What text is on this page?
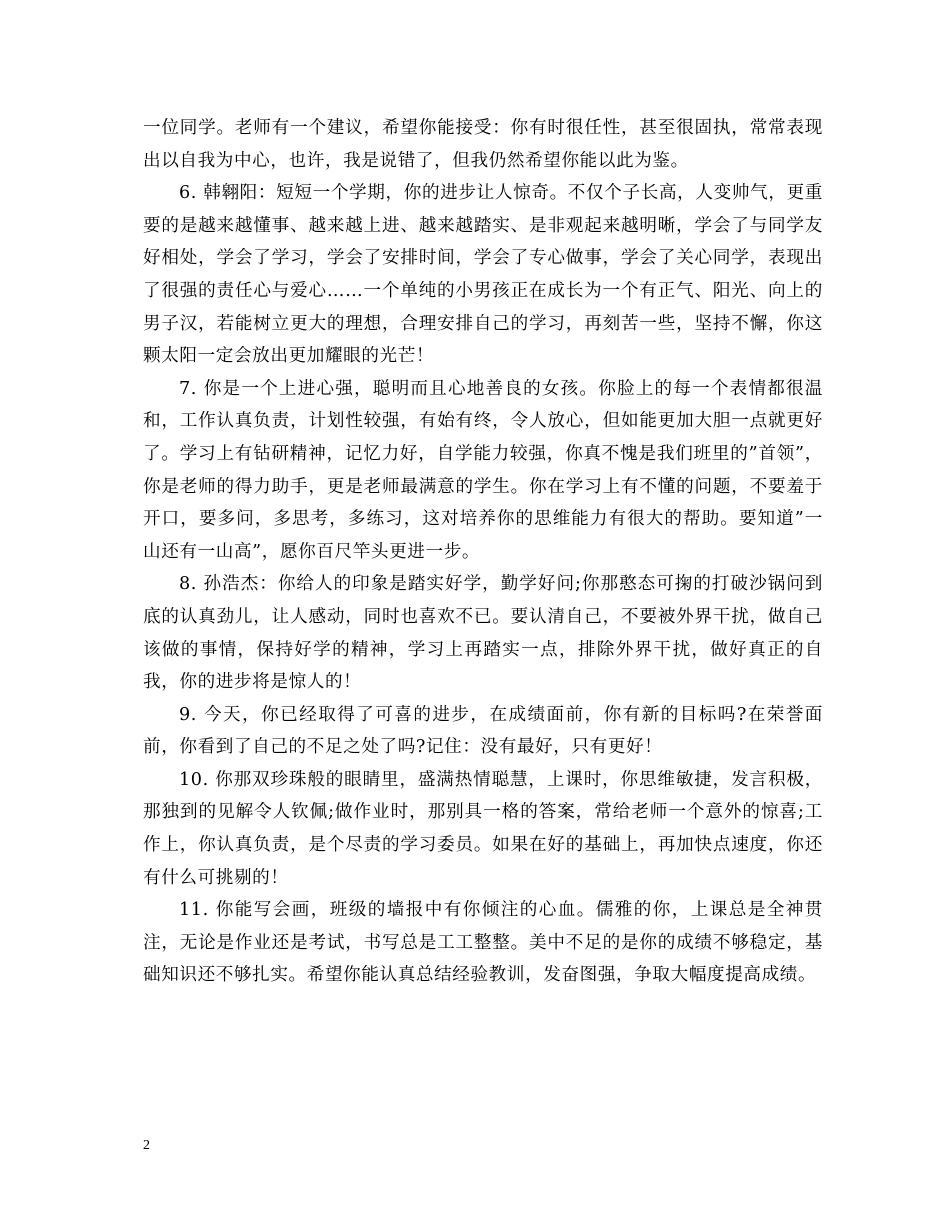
一位同学。老师有一个建议，希望你能接受：你有时很任性，甚至很固执，常常表现出以自我为中心，也许，我是说错了，但我仍然希望你能以此为鉴。

6. 韩翱阳：短短一个学期，你的进步让人惊奇。不仅个子长高，人变帅气，更重要的是越来越懂事、越来越上进、越来越踏实、是非观起来越明晰，学会了与同学友好相处，学会了学习，学会了安排时间，学会了专心做事，学会了关心同学，表现出了很强的责任心与爱心……一个单纯的小男孩正在成长为一个有正气、阳光、向上的男子汉，若能树立更大的理想，合理安排自己的学习，再刻苦一些，坚持不懈，你这颗太阳一定会放出更加耀眼的光芒！

7. 你是一个上进心强，聪明而且心地善良的女孩。你脸上的每一个表情都很温和，工作认真负责，计划性较强，有始有终，令人放心，但如能更加大胆一点就更好了。学习上有钻研精神，记忆力好，自学能力较强，你真不愧是我们班里的”首领”，你是老师的得力助手，更是老师最满意的学生。你在学习上有不懂的问题，不要羞于开口，要多问，多思考，多练习，这对培养你的思维能力有很大的帮助。要知道”一山还有一山高”，愿你百尺竿头更进一步。

8. 孙浩杰：你给人的印象是踏实好学，勤学好问;你那憨态可掬的打破沙锅问到底的认真劲儿，让人感动，同时也喜欢不已。要认清自己，不要被外界干扰，做自己该做的事情，保持好学的精神，学习上再踏实一点，排除外界干扰，做好真正的自我，你的进步将是惊人的！

9. 今天，你已经取得了可喜的进步，在成绩面前，你有新的目标吗?在荣誉面前，你看到了自己的不足之处了吗?记住：没有最好，只有更好！

10. 你那双珍珠般的眼睛里，盛满热情聪慧，上课时，你思维敏捷，发言积极，那独到的见解令人钦佩;做作业时，那别具一格的答案，常给老师一个意外的惊喜;工作上，你认真负责，是个尽责的学习委员。如果在好的基础上，再加快点速度，你还有什么可挑剔的！

11. 你能写会画，班级的墙报中有你倾注的心血。儒雅的你，上课总是全神贯注，无论是作业还是考试，书写总是工工整整。美中不足的是你的成绩不够稳定，基础知识还不够扎实。希望你能认真总结经验教训，发奋图强，争取大幅度提高成绩。

2
